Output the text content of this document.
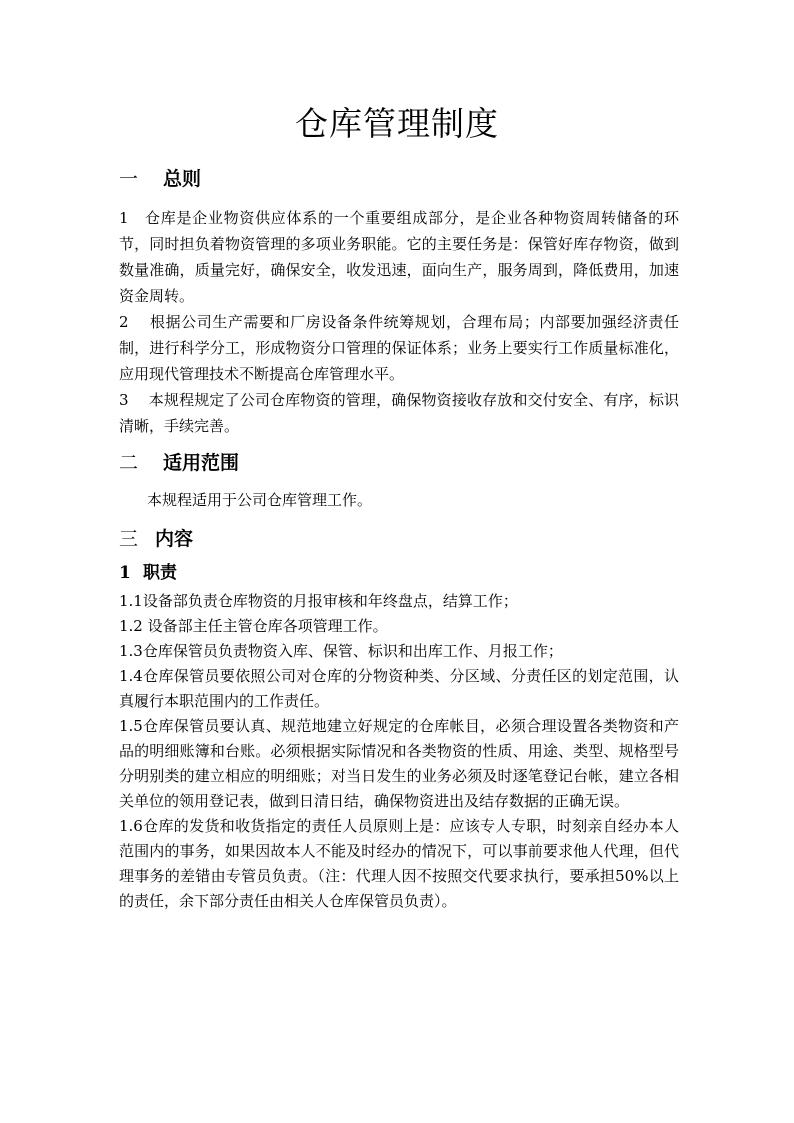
仓库管理制度
一 总则

1　仓库是企业物资供应体系的一个重要组成部分，是企业各种物资周转储备的环节，同时担负着物资管理的多项业务职能。它的主要任务是：保管好库存物资，做到数量准确，质量完好，确保安全，收发迅速，面向生产，服务周到，降低费用，加速资金周转。

2　 根据公司生产需要和厂房设备条件统筹规划，合理布局；内部要加强经济责任制，进行科学分工，形成物资分口管理的保证体系；业务上要实行工作质量标准化，应用现代管理技术不断提高仓库管理水平。

3　 本规程规定了公司仓库物资的管理，确保物资接收存放和交付安全、有序，标识清晰，手续完善。

二 适用范围

本规程适用于公司仓库管理工作。

三 内容
1 职责

1.1设备部负责仓库物资的月报审核和年终盘点，结算工作；

1.2 设备部主任主管仓库各项管理工作。

1.3仓库保管员负责物资入库、保管、标识和出库工作、月报工作；

1.4仓库保管员要依照公司对仓库的分物资种类、分区域、分责任区的划定范围，认真履行本职范围内的工作责任。

1.5仓库保管员要认真、规范地建立好规定的仓库帐目，必须合理设置各类物资和产品的明细账簿和台账。必须根据实际情况和各类物资的性质、用途、类型、规格型号分明别类的建立相应的明细账；对当日发生的业务必须及时逐笔登记台帐，建立各相关单位的领用登记表，做到日清日结，确保物资进出及结存数据的正确无误。

1.6仓库的发货和收货指定的责任人员原则上是：应该专人专职，时刻亲自经办本人范围内的事务，如果因故本人不能及时经办的情况下，可以事前要求他人代理，但代理事务的差错由专管员负责。（注：代理人因不按照交代要求执行，要承担50%以上的责任，余下部分责任由相关人仓库保管员负责）。
